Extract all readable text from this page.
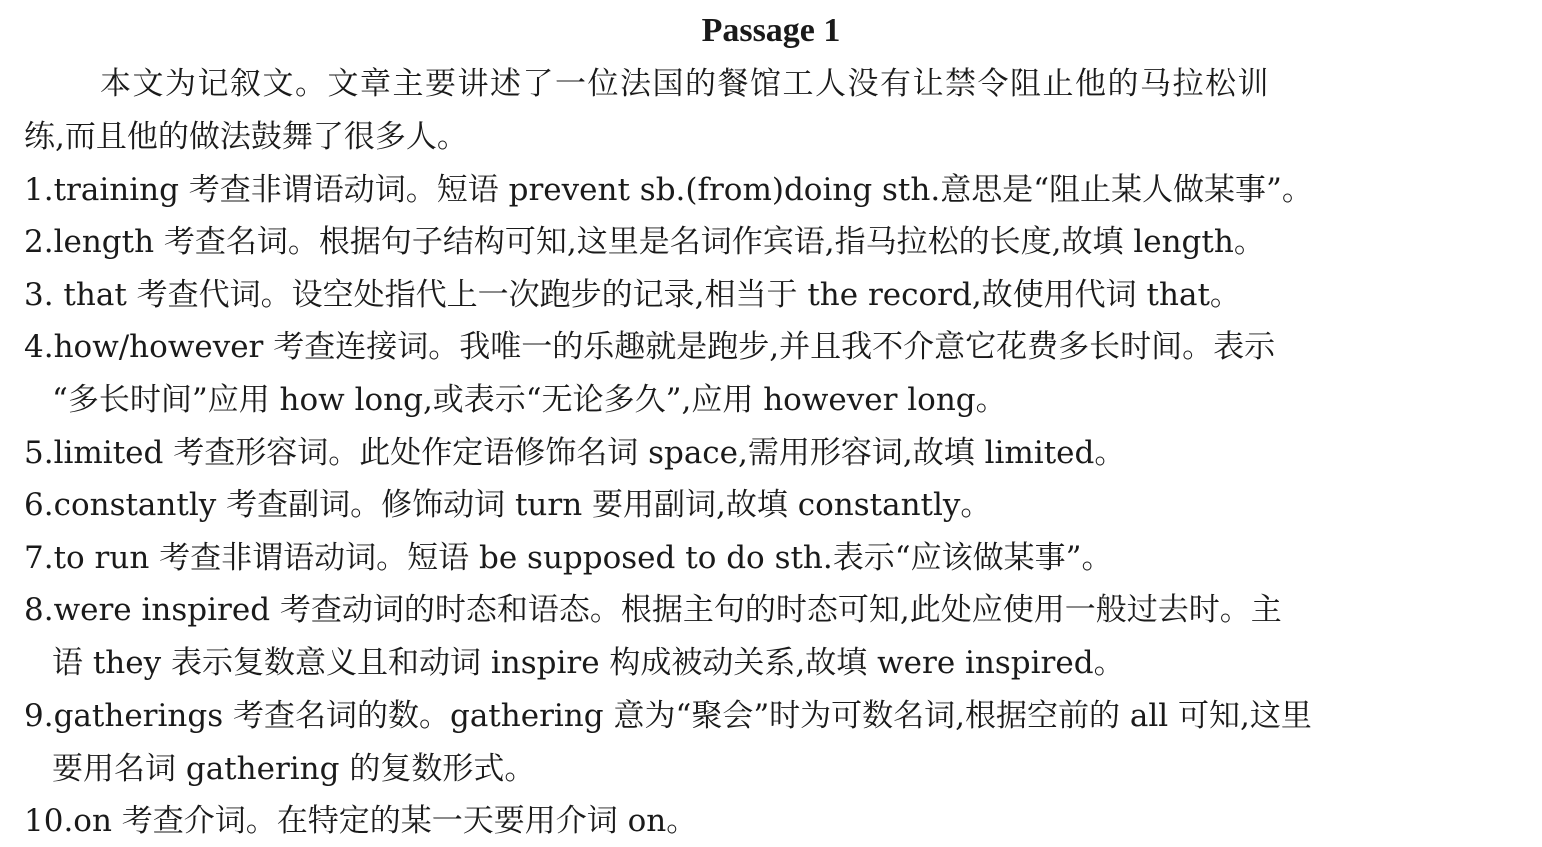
Passage 1
本文为记叙文。文章主要讲述了一位法国的餐馆工人没有让禁令阻止他的马拉松训
练,而且他的做法鼓舞了很多人。
1.training 考查非谓语动词。短语 prevent sb.(from)doing sth.意思是“阻止某人做某事”。
2.length 考查名词。根据句子结构可知,这里是名词作宾语,指马拉松的长度,故填 length。
3. that 考查代词。设空处指代上一次跑步的记录,相当于 the record,故使用代词 that。
4.how/however 考查连接词。我唯一的乐趣就是跑步,并且我不介意它花费多长时间。表示
“多长时间”应用 how long,或表示“无论多久”,应用 however long。
5.limited 考查形容词。此处作定语修饰名词 space,需用形容词,故填 limited。
6.constantly 考查副词。修饰动词 turn 要用副词,故填 constantly。
7.to run 考查非谓语动词。短语 be supposed to do sth.表示“应该做某事”。
8.were inspired 考查动词的时态和语态。根据主句的时态可知,此处应使用一般过去时。主
语 they 表示复数意义且和动词 inspire 构成被动关系,故填 were inspired。
9.gatherings 考查名词的数。gathering 意为“聚会”时为可数名词,根据空前的 all 可知,这里
要用名词 gathering 的复数形式。
10.on 考查介词。在特定的某一天要用介词 on。
